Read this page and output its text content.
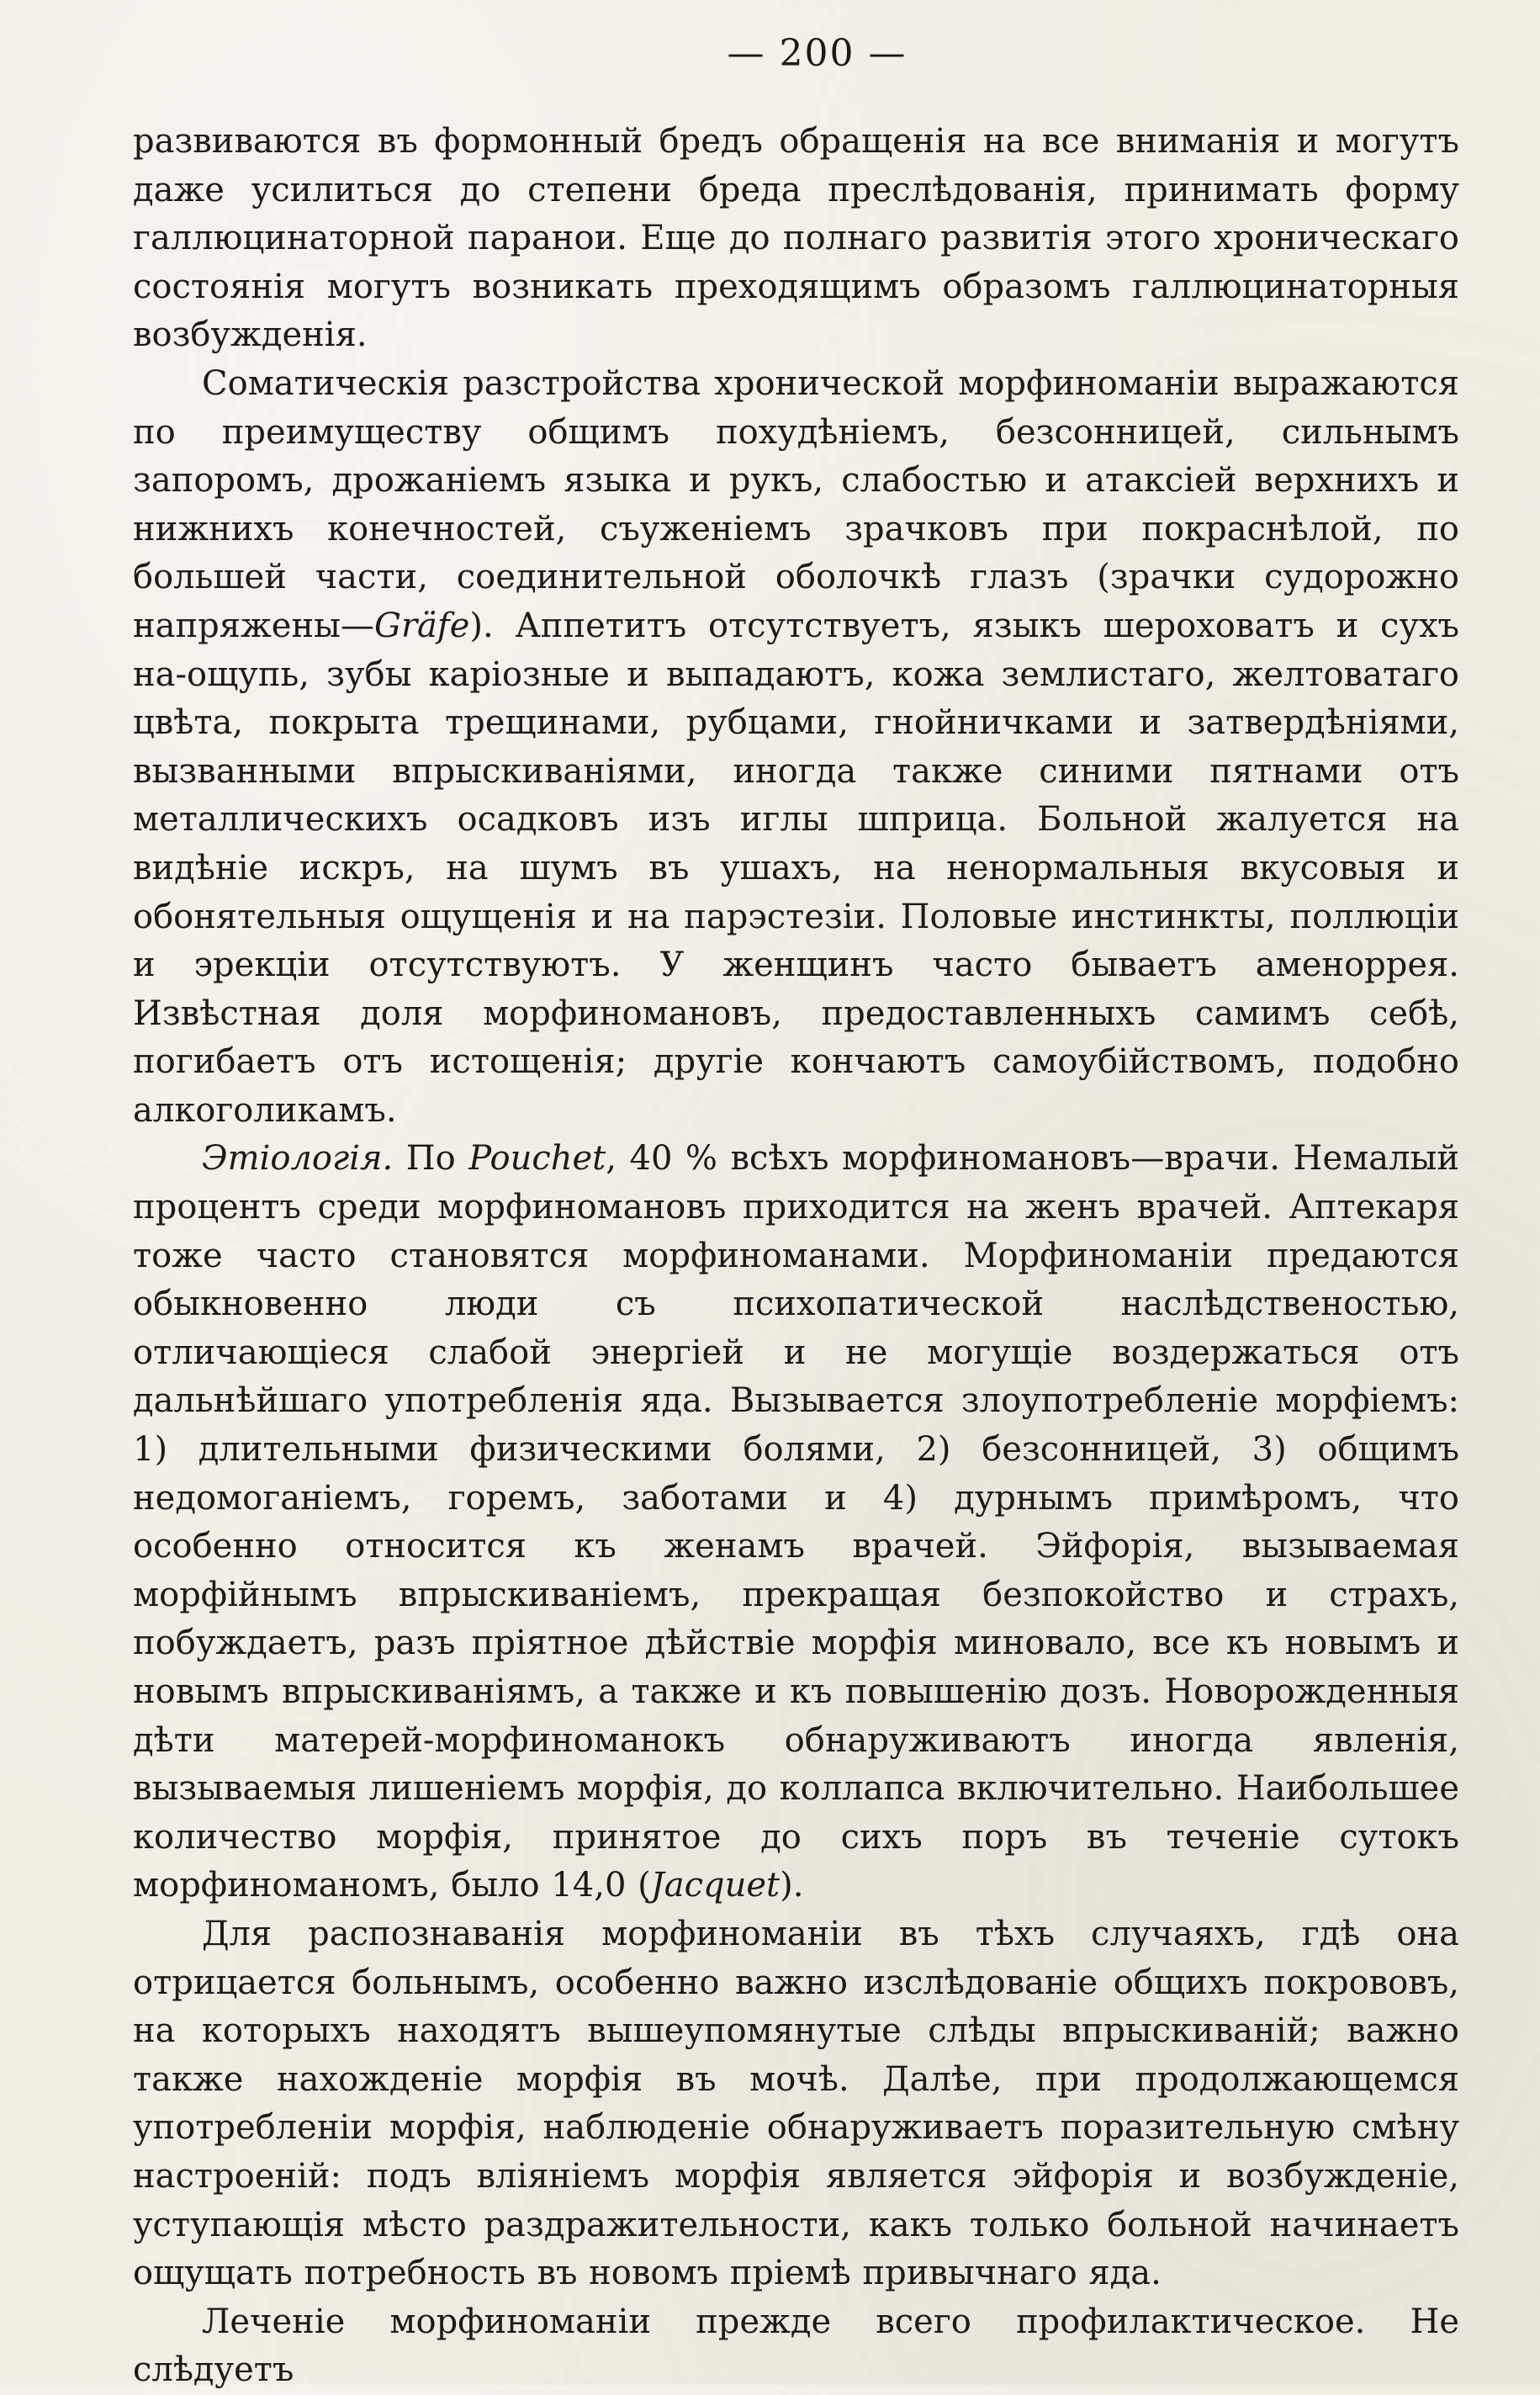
— 200 —

развиваются въ формонный бредъ обращенія на все вниманія и могутъ даже усилиться до степени бреда преслѣдованія, принимать форму галлюцинаторной паранои. Еще до полнаго развитія этого хроническаго состоянія могутъ возникать преходящимъ образомъ галлюцинаторныя возбужденія.

Соматическія разстройства хронической морфиноманіи выражаются по преимуществу общимъ похудѣніемъ, безсонницей, сильнымъ запоромъ, дрожаніемъ языка и рукъ, слабостью и атаксіей верхнихъ и нижнихъ конечностей, съуженіемъ зрачковъ при покраснѣлой, по большей части, соединительной оболочкѣ глазъ (зрачки судорожно напряжены—Gräfe). Аппетитъ отсутствуетъ, языкъ шероховатъ и сухъ на-ощупь, зубы каріозные и выпадаютъ, кожа землистаго, желтоватаго цвѣта, покрыта трещинами, рубцами, гнойничками и затвердѣніями, вызванными впрыскиваніями, иногда также синими пятнами отъ металлическихъ осадковъ изъ иглы шприца. Больной жалуется на видѣніе искръ, на шумъ въ ушахъ, на ненормальныя вкусовыя и обонятельныя ощущенія и на парэстезіи. Половые инстинкты, поллюціи и эрекціи отсутствуютъ. У женщинъ часто бываетъ аменоррея. Извѣстная доля морфиномановъ, предоставленныхъ самимъ себѣ, погибаетъ отъ истощенія; другіе кончаютъ самоубійствомъ, подобно алкоголикамъ.

Этіологія. По Pouchet, 40 % всѣхъ морфиномановъ—врачи. Немалый процентъ среди морфиномановъ приходится на женъ врачей. Аптекаря тоже часто становятся морфиноманами. Морфиноманіи предаются обыкновенно люди съ психопатической наслѣдственостью, отличающіеся слабой энергіей и не могущіе воздержаться отъ дальнѣйшаго употребленія яда. Вызывается злоупотребленіе морфіемъ: 1) длительными физическими болями, 2) безсонницей, 3) общимъ недомоганіемъ, горемъ, заботами и 4) дурнымъ примѣромъ, что особенно относится къ женамъ врачей. Эйфорія, вызываемая морфійнымъ впрыскиваніемъ, прекращая безпокойство и страхъ, побуждаетъ, разъ пріятное дѣйствіе морфія миновало, все къ новымъ и новымъ впрыскиваніямъ, а также и къ повышенію дозъ. Новорожденныя дѣти матерей-морфиноманокъ обнаруживаютъ иногда явленія, вызываемыя лишеніемъ морфія, до коллапса включительно. Наибольшее количество морфія, принятое до сихъ поръ въ теченіе сутокъ морфиноманомъ, было 14,0 (Jacquet).

Для распознаванія морфиноманіи въ тѣхъ случаяхъ, гдѣ она отрицается больнымъ, особенно важно изслѣдованіе общихъ покрововъ, на которыхъ находятъ вышеупомянутые слѣды впрыскиваній; важно также нахожденіе морфія въ мочѣ. Далѣе, при продолжающемся употребленіи морфія, наблюденіе обнаруживаетъ поразительную смѣну настроеній: подъ вліяніемъ морфія является эйфорія и возбужденіе, уступающія мѣсто раздражительности, какъ только больной начинаетъ ощущать потребность въ новомъ пріемѣ привычнаго яда.

Леченіе морфиноманіи прежде всего профилактическое. Не слѣдуетъ
